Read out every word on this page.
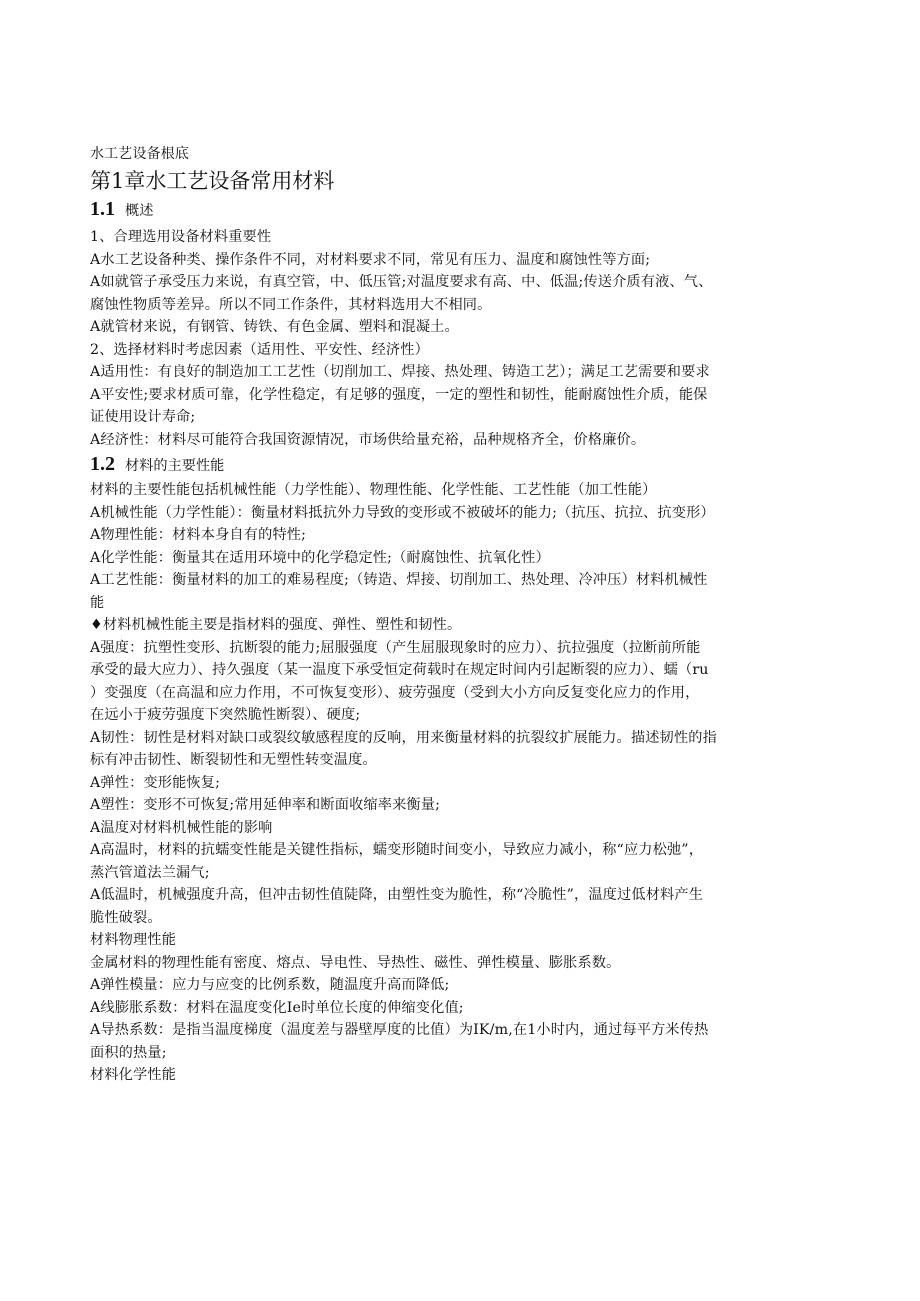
水工艺设备根底
第1章水工艺设备常用材料
1.1 概述
1、合理选用设备材料重要性
A水工艺设备种类、操作条件不同，对材料要求不同，常见有压力、温度和腐蚀性等方面;
A如就管子承受压力来说，有真空管，中、低压管;对温度要求有高、中、低温;传送介质有液、气、
腐蚀性物质等差异。所以不同工作条件，其材料选用大不相同。
A就管材来说，有钢管、铸铁、有色金属、塑料和混凝土。
2、选择材料时考虑因素（适用性、平安性、经济性）
A适用性：有良好的制造加工工艺性（切削加工、焊接、热处理、铸造工艺）；满足工艺需要和要求
A平安性;要求材质可靠，化学性稳定，有足够的强度，一定的塑性和韧性，能耐腐蚀性介质，能保
证使用设计寿命;
A经济性：材料尽可能符合我国资源情况，市场供给量充裕，品种规格齐全，价格廉价。
1.2 材料的主要性能
材料的主要性能包括机械性能（力学性能）、物理性能、化学性能、工艺性能（加工性能）
A机械性能（力学性能）：衡量材料抵抗外力导致的变形或不被破坏的能力;（抗压、抗拉、抗变形）
A物理性能：材料本身自有的特性;
A化学性能：衡量其在适用环境中的化学稳定性;（耐腐蚀性、抗氧化性）
A工艺性能：衡量材料的加工的难易程度;（铸造、焊接、切削加工、热处理、冷冲压）材料机械性
能
♦材料机械性能主要是指材料的强度、弹性、塑性和韧性。
A强度：抗塑性变形、抗断裂的能力;屈服强度（产生屈服现象时的应力）、抗拉强度（拉断前所能
承受的最大应力）、持久强度（某一温度下承受恒定荷载时在规定时间内引起断裂的应力）、蠕（ru
）变强度（在高温和应力作用，不可恢复变形）、疲劳强度（受到大小方向反复变化应力的作用，
在远小于疲劳强度下突然脆性断裂）、硬度;
A韧性：韧性是材料对缺口或裂纹敏感程度的反响，用来衡量材料的抗裂纹扩展能力。描述韧性的指
标有冲击韧性、断裂韧性和无塑性转变温度。
A弹性：变形能恢复;
A塑性：变形不可恢复;常用延伸率和断面收缩率来衡量;
A温度对材料机械性能的影响
A高温时，材料的抗蠕变性能是关键性指标，蠕变形随时间变小，导致应力减小，称“应力松弛”，
蒸汽管道法兰漏气;
A低温时，机械强度升高，但冲击韧性值陡降，由塑性变为脆性，称“冷脆性”，温度过低材料产生
脆性破裂。
材料物理性能
金属材料的物理性能有密度、熔点、导电性、导热性、磁性、弹性模量、膨胀系数。
A弹性模量：应力与应变的比例系数，随温度升高而降低;
A线膨胀系数：材料在温度变化Ie时单位长度的伸缩变化值;
A导热系数：是指当温度梯度（温度差与器壁厚度的比值）为IK/m,在1小时内，通过每平方米传热
面积的热量;
材料化学性能
